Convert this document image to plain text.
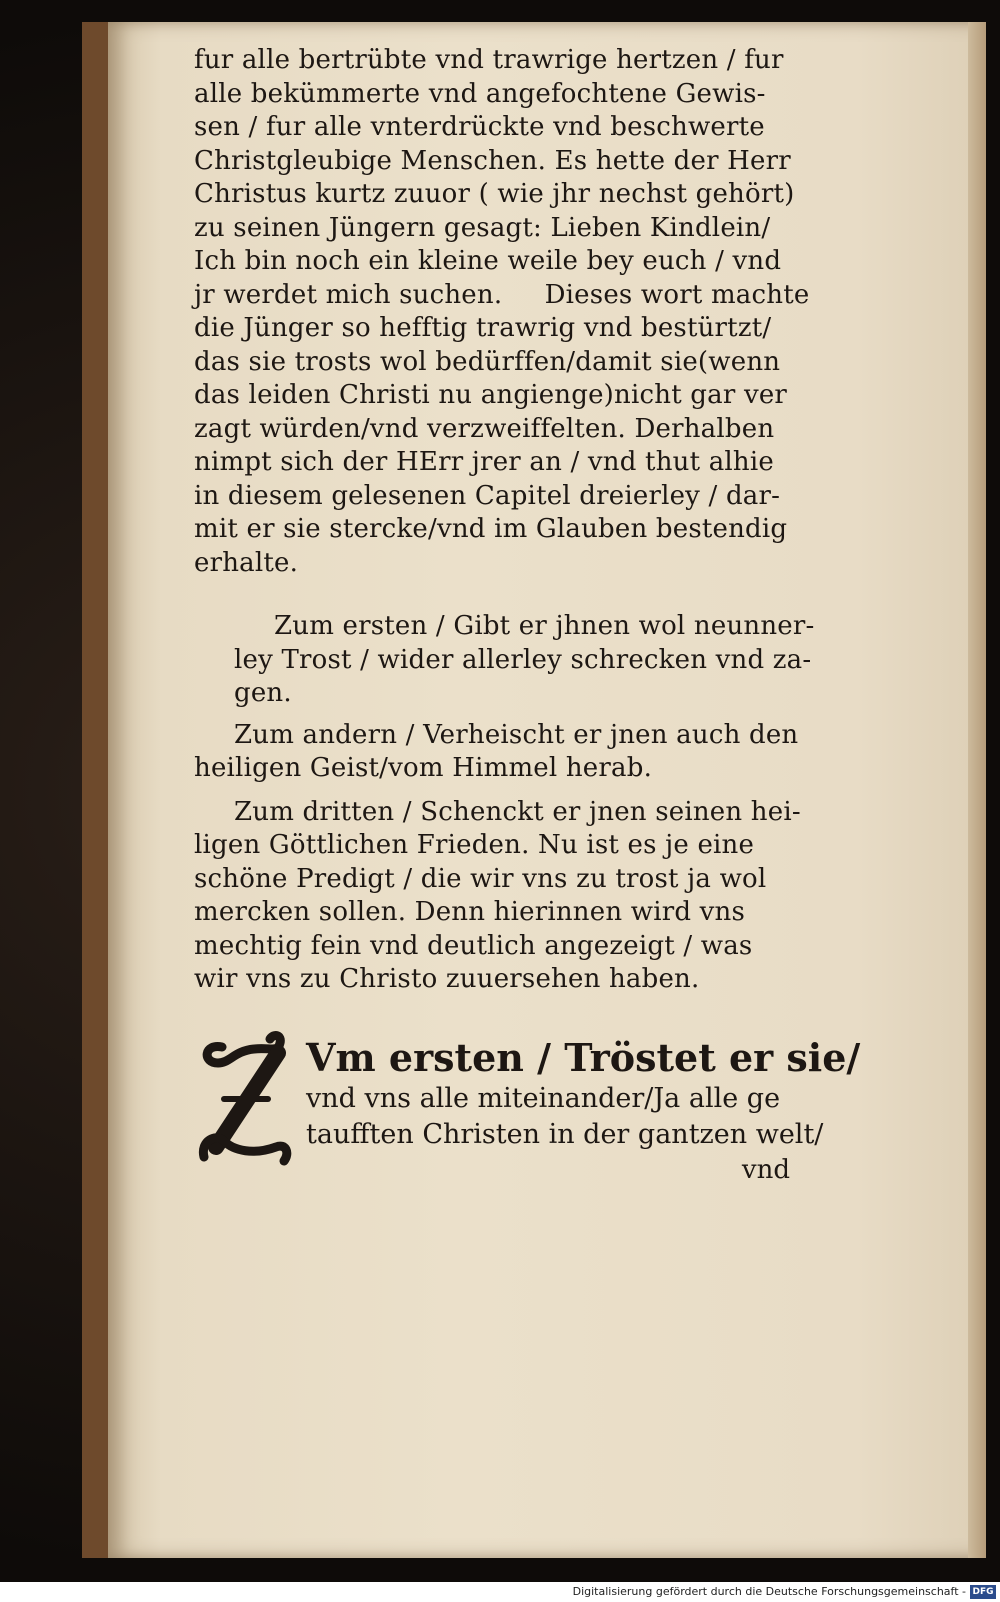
fur alle bertrübte vnd trawrige hertzen / fur
alle bekümmerte vnd angefochtene Gewis-
sen / fur alle vnterdrückte vnd beschwerte
Christgleubige Menschen. Es hette der Herr
Christus kurtz zuuor ( wie jhr nechst gehört)
zu seinen Jüngern gesagt: Lieben Kindlein/
Ich bin noch ein kleine weile bey euch / vnd
jr werdet mich suchen.     Dieses wort machte
die Jünger so hefftig trawrig vnd bestürtzt/
das sie trosts wol bedürffen/damit sie(wenn
das leiden Christi nu angienge)nicht gar ver
zagt würden/vnd verzweiffelten. Derhalben
nimpt sich der HErr jrer an / vnd thut alhie
in diesem gelesenen Capitel dreierley / dar-
mit er sie stercke/vnd im Glauben bestendig
erhalte.

Zum ersten / Gibt er jhnen wol neunner-
ley Trost / wider allerley schrecken vnd za-
gen.

Zum andern / Verheischt er jnen auch den
heiligen Geist/vom Himmel herab.

Zum dritten / Schenckt er jnen seinen hei-
ligen Göttlichen Frieden. Nu ist es je eine
schöne Predigt / die wir vns zu trost ja wol
mercken sollen. Denn hierinnen wird vns
mechtig fein vnd deutlich angezeigt / was
wir vns zu Christo zuuersehen haben.

Vm ersten / Tröstet er sie/
vnd vns alle miteinander/Ja alle ge
taufften Christen in der gantzen welt/
vnd
Digitalisierung gefördert durch die Deutsche Forschungsgemeinschaft - DFG
